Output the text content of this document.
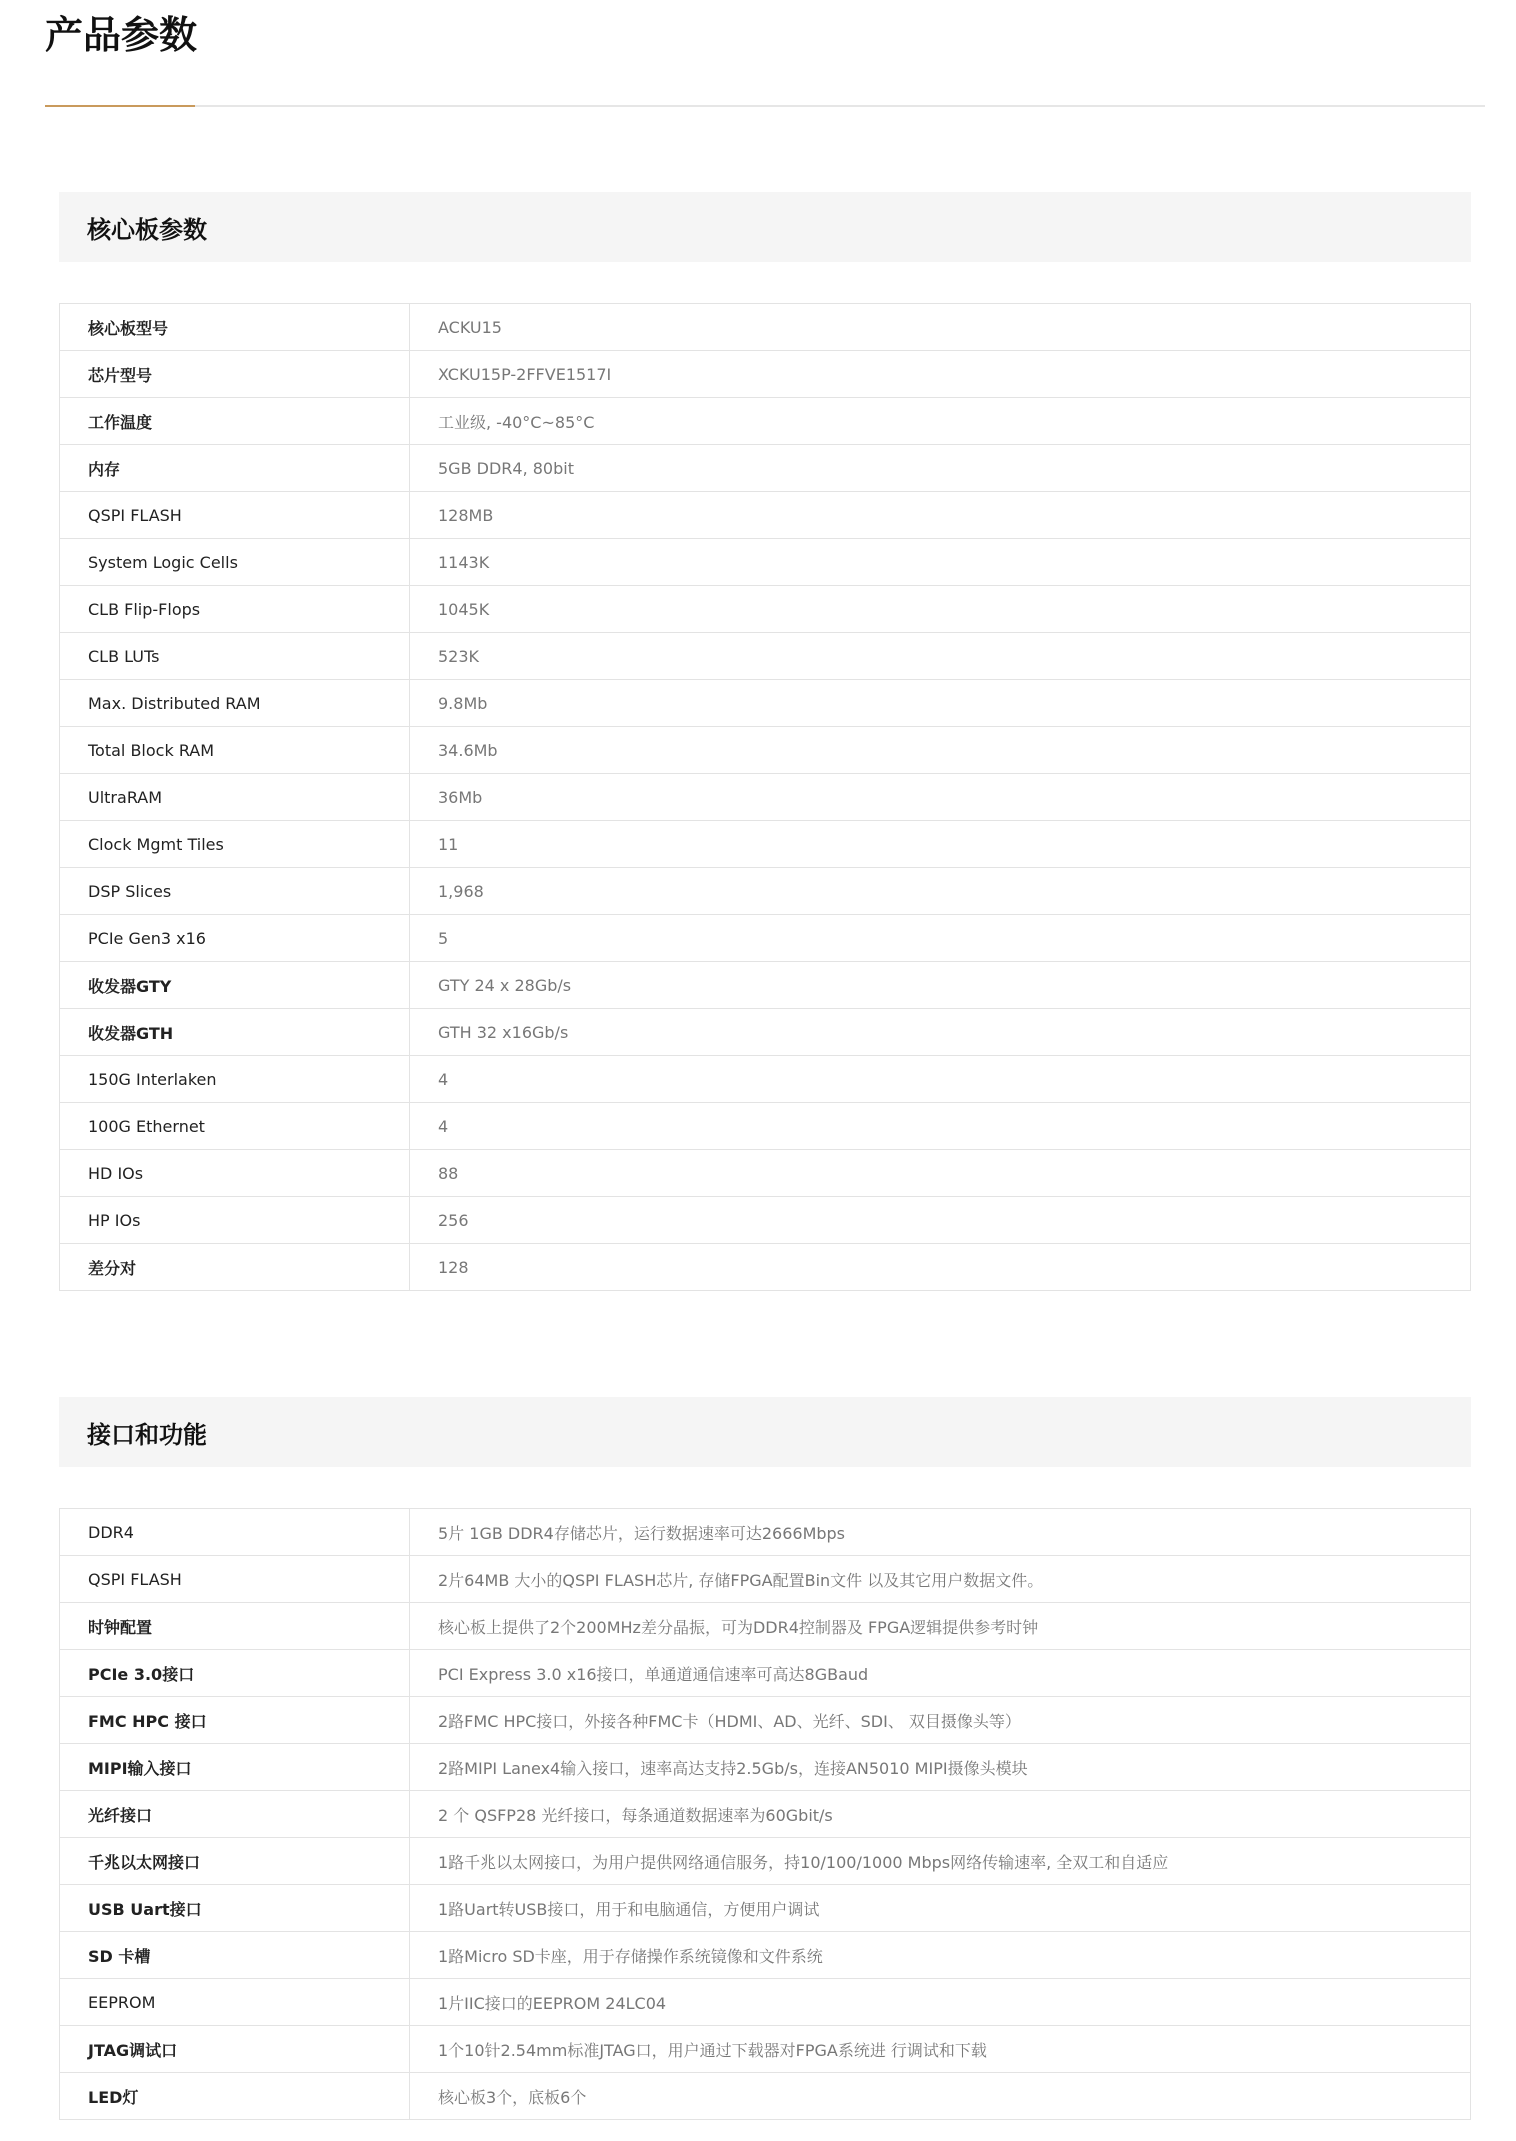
产品参数
核心板参数
核心板型号	ACKU15
芯片型号	XCKU15P-2FFVE1517I
工作温度	工业级, -40°C~85°C
内存	5GB DDR4, 80bit
QSPI FLASH	128MB
System Logic Cells	1143K
CLB Flip-Flops	1045K
CLB LUTs	523K
Max. Distributed RAM	9.8Mb
Total Block RAM	34.6Mb
UltraRAM	36Mb
Clock Mgmt Tiles	11
DSP Slices	1,968
PCIe Gen3 x16	5
收发器GTY	GTY 24 x 28Gb/s
收发器GTH	GTH 32 x16Gb/s
150G Interlaken	4
100G Ethernet	4
HD IOs	88
HP IOs	256
差分对	128
接口和功能
DDR4	5片 1GB DDR4存储芯片，运行数据速率可达2666Mbps
QSPI FLASH	2片64MB 大小的QSPI FLASH芯片, 存储FPGA配置Bin文件 以及其它用户数据文件。
时钟配置	核心板上提供了2个200MHz差分晶振，可为DDR4控制器及 FPGA逻辑提供参考时钟
PCIe 3.0接口	PCI Express 3.0 x16接口，单通道通信速率可高达8GBaud
FMC HPC 接口	2路FMC HPC接口，外接各种FMC卡（HDMI、AD、光纤、SDI、 双目摄像头等）
MIPI输入接口	2路MIPI Lanex4输入接口，速率高达支持2.5Gb/s，连接AN5010 MIPI摄像头模块
光纤接口	2 个 QSFP28 光纤接口，每条通道数据速率为60Gbit/s
千兆以太网接口	1路千兆以太网接口，为用户提供网络通信服务，持10/100/1000 Mbps网络传输速率, 全双工和自适应
USB Uart接口	1路Uart转USB接口，用于和电脑通信，方便用户调试
SD 卡槽	1路Micro SD卡座，用于存储操作系统镜像和文件系统
EEPROM	1片IIC接口的EEPROM 24LC04
JTAG调试口	1个10针2.54mm标准JTAG口，用户通过下载器对FPGA系统进 行调试和下载
LED灯	核心板3个，底板6个
